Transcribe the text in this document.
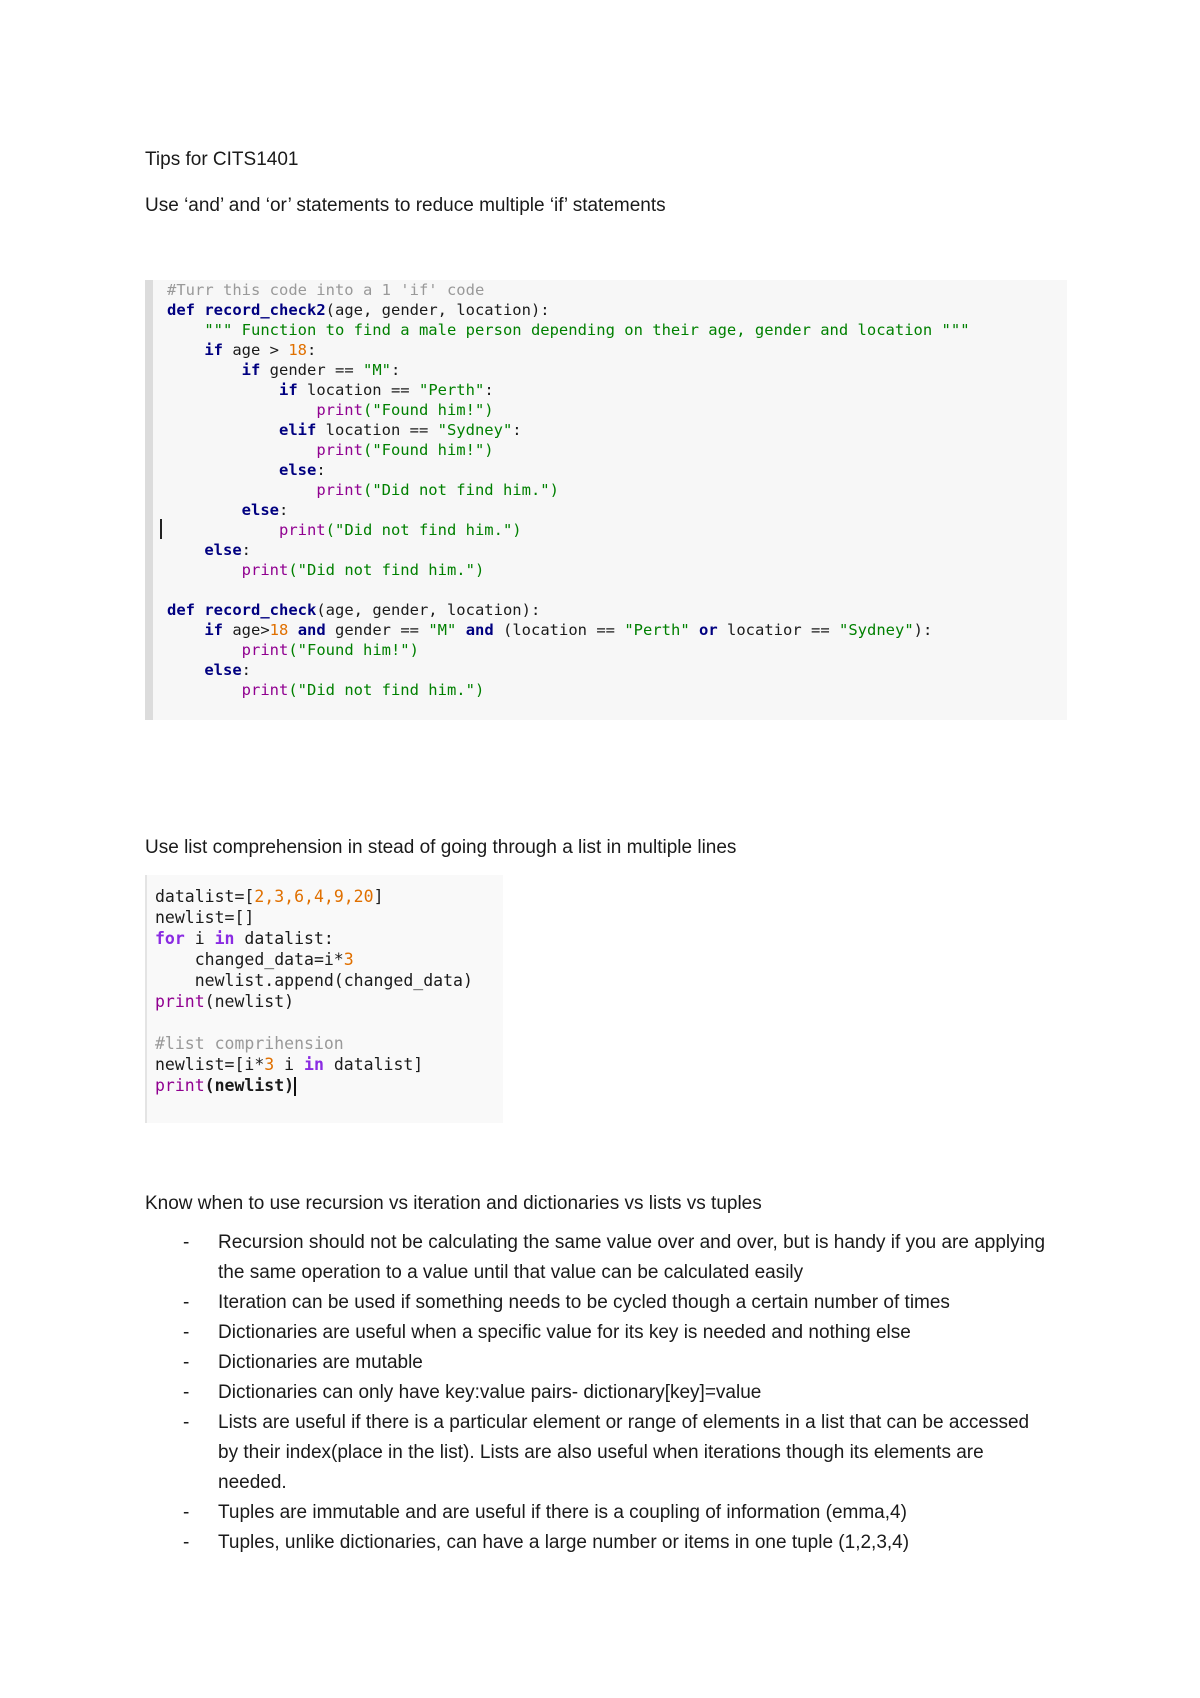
Tips for CITS1401
Use ‘and’ and ‘or’ statements to reduce multiple ‘if’ statements

#Turr this code into a 1 'if' code

def record_check2(age, gender, location):

""" Function to find a male person depending on their age, gender and location """

if age > 18:

if gender == "M":

if location == "Perth":

print("Found him!")

elif location == "Sydney":

print("Found him!")

else:

print("Did not find him.")

else:

print("Did not find him.")

else:

print("Did not find him.")

def record_check(age, gender, location):

if age>18 and gender == "M" and (location == "Perth" or locatior == "Sydney"):

print("Found him!")

else:

print("Did not find him.")

Use list comprehension in stead of going through a list in multiple lines

datalist=[2,3,6,4,9,20]

newlist=[]

for i in datalist:

changed_data=i*3

newlist.append(changed_data)

print(newlist)

#list comprihension

newlist=[i*3 i in datalist]

print(newlist)

Know when to use recursion vs iteration and dictionaries vs lists vs tuples
- Recursion should not be calculating the same value over and over, but is handy if you are applying the same operation to a value until that value can be calculated easily
- Iteration can be used if something needs to be cycled though a certain number of times
- Dictionaries are useful when a specific value for its key is needed and nothing else
- Dictionaries are mutable
- Dictionaries can only have key:value pairs- dictionary[key]=value
- Lists are useful if there is a particular element or range of elements in a list that can be accessed by their index(place in the list). Lists are also useful when iterations though its elements are needed.
- Tuples are immutable and are useful if there is a coupling of information (emma,4)
- Tuples, unlike dictionaries, can have a large number or items in one tuple (1,2,3,4)
